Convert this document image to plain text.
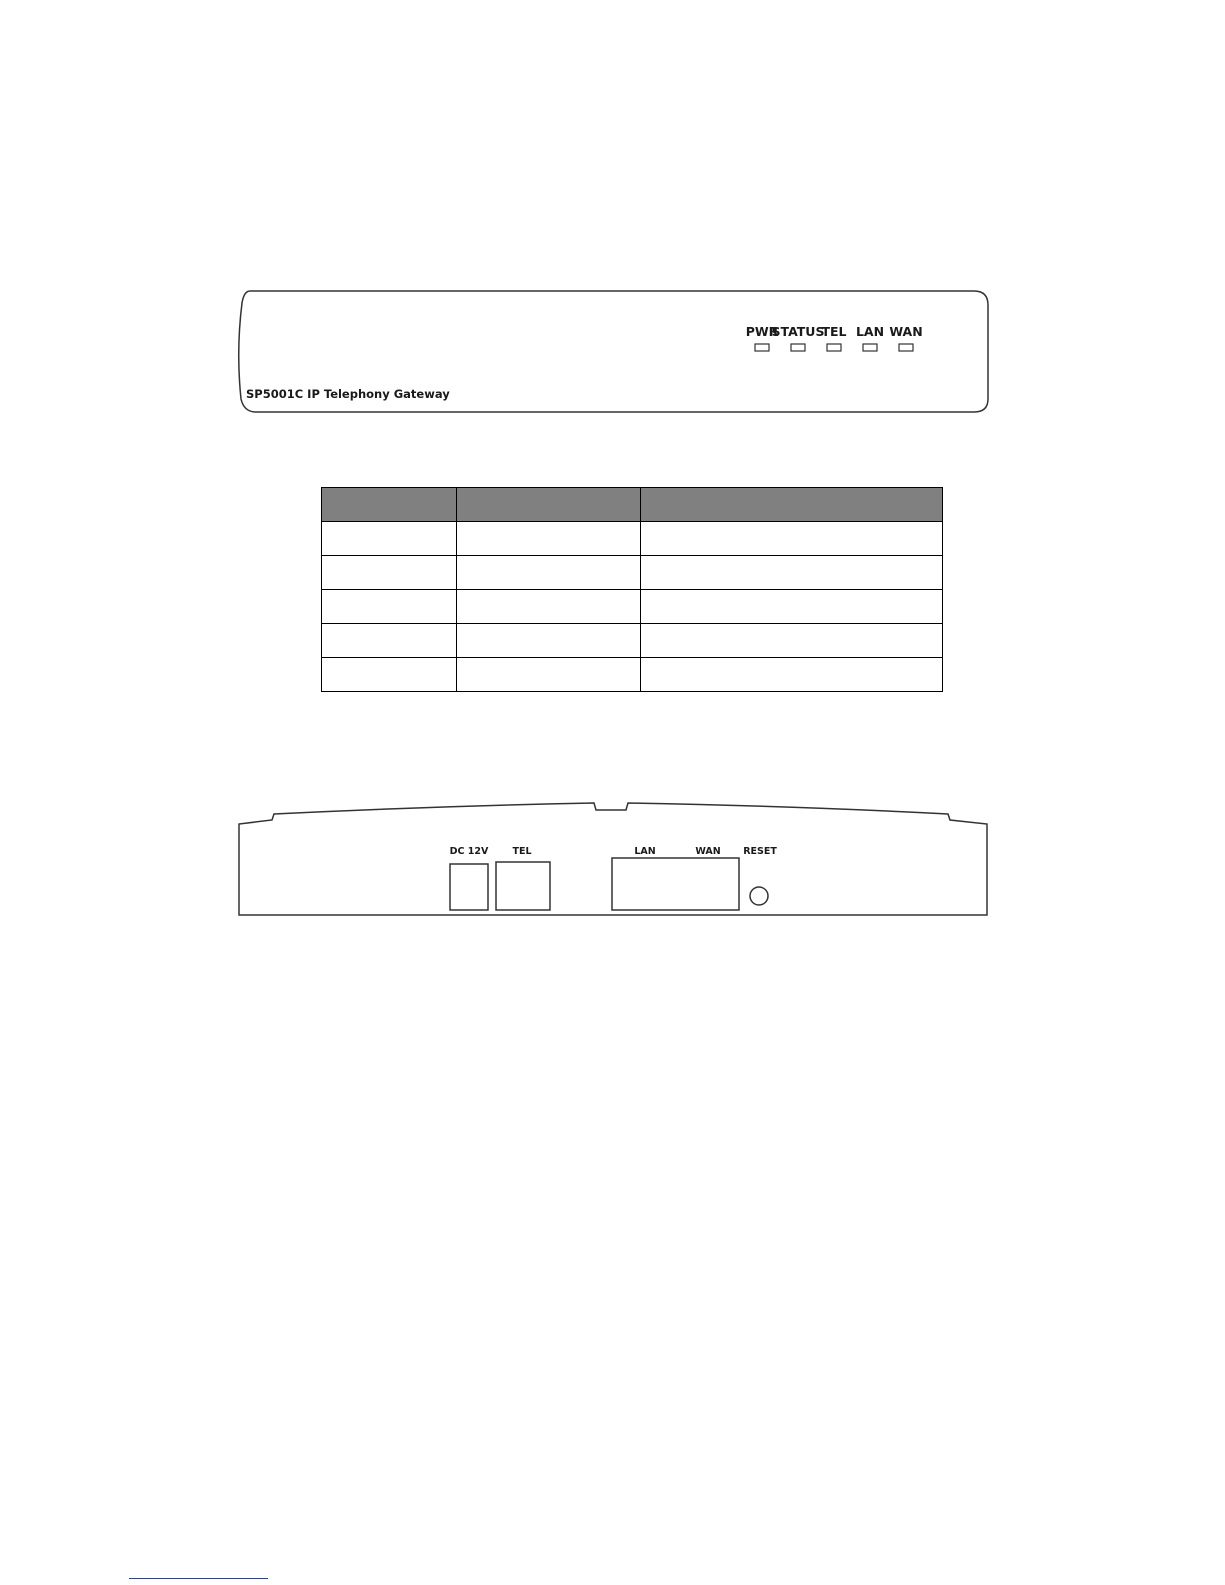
SP5001C IP Telephony Gateway
PWR
STATUS
TEL LAN WAN

DC 12V	TEL	LAN	WAN RESET
